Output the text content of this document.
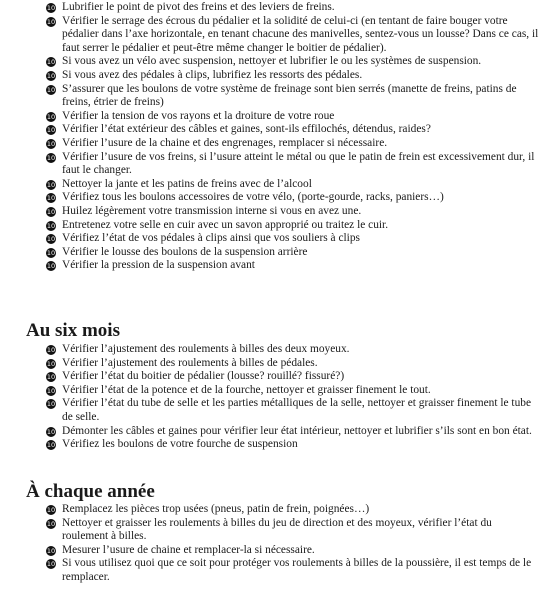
10 Lubrifier le point de pivot des freins et des leviers de freins.
10 Vérifier le serrage des écrous du pédalier et la solidité de celui-ci (en tentant de faire bouger votre pédalier dans l’axe horizontale, en tenant chacune des manivelles, sentez-vous un lousse? Dans ce cas, il faut serrer le pédalier et peut-être même changer le boitier de pédalier).
10 Si vous avez un vélo avec suspension, nettoyer et lubrifier le ou les systèmes de suspension.
10 Si vous avez des pédales à clips, lubrifiez les ressorts des pédales.
10 S’assurer que les boulons de votre système de freinage sont bien serrés (manette de freins, patins de freins, étrier de freins)
10 Vérifier la tension de vos rayons et la droiture de votre roue
10 Vérifier l’état extérieur des câbles et gaines, sont-ils effilochés, détendus, raides?
10 Vérifier l’usure de la chaine et des engrenages, remplacer si nécessaire.
10 Vérifier l’usure de vos freins, si l’usure atteint le métal ou que le patin de frein est excessivement dur, il faut le changer.
10 Nettoyer la jante et les patins de freins avec de l’alcool
10 Vérifiez tous les boulons accessoires de votre vélo, (porte-gourde, racks, paniers…)
10 Huilez légèrement votre transmission interne si vous en avez une.
10 Entretenez votre selle en cuir avec un savon approprié ou traitez le cuir.
10 Vérifiez l’état de vos pédales à clips ainsi que vos souliers à clips
10 Vérifier le lousse des boulons de la suspension arrière
10 Vérifier la pression de la suspension avant
Au six mois
10 Vérifier l’ajustement des roulements à billes des deux moyeux.
10 Vérifier l’ajustement des roulements à billes de pédales.
10 Vérifier l’état du boitier de pédalier (lousse? rouillé? fissuré?)
10 Vérifier l’état de la potence et de la fourche, nettoyer et graisser finement le tout.
10 Vérifier l’état du tube de selle et les parties métalliques de la selle, nettoyer et graisser finement le tube de selle.
10 Démonter les câbles et gaines pour vérifier leur état intérieur, nettoyer et lubrifier s’ils sont en bon état.
10 Vérifiez les boulons de votre fourche de suspension
À chaque année
10 Remplacez les pièces trop usées (pneus, patin de frein, poignées…)
10 Nettoyer et graisser les roulements à billes du jeu de direction et des moyeux, vérifier l’état du roulement à billes.
10 Mesurer l’usure de chaine et remplacer-la si nécessaire.
10 Si vous utilisez quoi que ce soit pour protéger vos roulements à billes de la poussière, il est temps de le remplacer.
